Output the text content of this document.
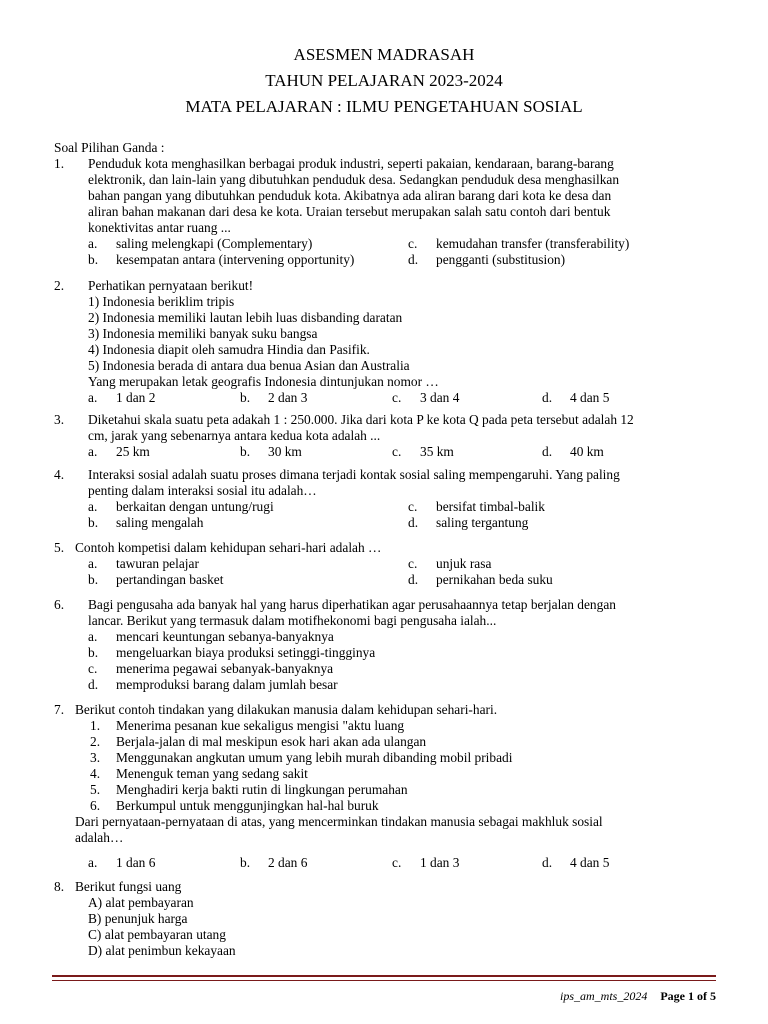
ASESMEN MADRASAH
TAHUN PELAJARAN 2023-2024
MATA PELAJARAN : ILMU PENGETAHUAN SOSIAL
Soal Pilihan Ganda :
1. Penduduk kota menghasilkan berbagai produk industri, seperti pakaian, kendaraan, barang-barang
elektronik, dan lain-lain yang dibutuhkan penduduk desa. Sedangkan penduduk desa menghasilkan
bahan pangan yang dibutuhkan penduduk kota. Akibatnya ada aliran barang dari kota ke desa dan
aliran bahan makanan dari desa ke kota. Uraian tersebut merupakan salah satu contoh dari bentuk
konektivitas antar ruang ...
a. saling melengkapi (Complementary)	c. kemudahan transfer (transferability)
b. kesempatan antara (intervening opportunity)	d. pengganti (substitusion)
2. Perhatikan pernyataan berikut!
1) Indonesia beriklim tripis
2) Indonesia memiliki lautan lebih luas disbanding daratan
3) Indonesia memiliki banyak suku bangsa
4) Indonesia diapit oleh samudra Hindia dan Pasifik.
5) Indonesia berada di antara dua benua Asian dan Australia
Yang merupakan letak geografis Indonesia dintunjukan nomor …
a. 1 dan 2	b. 2 dan 3	c. 3 dan 4	d. 4 dan 5
3. Diketahui skala suatu peta adakah 1 : 250.000. Jika dari kota P ke kota Q pada peta tersebut adalah 12
cm, jarak yang sebenarnya antara kedua kota adalah ...
a. 25 km	b. 30 km	c. 35 km	d. 40 km
4. Interaksi sosial adalah suatu proses dimana terjadi kontak sosial saling mempengaruhi. Yang paling
penting dalam interaksi sosial itu adalah…
a. berkaitan dengan untung/rugi	c. bersifat timbal-balik
b. saling mengalah	d. saling tergantung
5. Contoh kompetisi dalam kehidupan sehari-hari adalah …
a. tawuran pelajar	c. unjuk rasa
b. pertandingan basket	d. pernikahan beda suku
6. Bagi pengusaha ada banyak hal yang harus diperhatikan agar perusahaannya tetap berjalan dengan
lancar. Berikut yang termasuk dalam motifhekonomi bagi pengusaha ialah...
a. mencari keuntungan sebanya-banyaknya
b. mengeluarkan biaya produksi setinggi-tingginya
c. menerima pegawai sebanyak-banyaknya
d. memproduksi barang dalam jumlah besar
7. Berikut contoh tindakan yang dilakukan manusia dalam kehidupan sehari-hari.
1. Menerima pesanan kue sekaligus mengisi "aktu luang
2. Berjala-jalan di mal meskipun esok hari akan ada ulangan
3. Menggunakan angkutan umum yang lebih murah dibanding mobil pribadi
4. Menenguk teman yang sedang sakit
5. Menghadiri kerja bakti rutin di lingkungan perumahan
6. Berkumpul untuk menggunjingkan hal-hal buruk
Dari pernyataan-pernyataan di atas, yang mencerminkan tindakan manusia sebagai makhluk sosial
adalah…
a. 1 dan 6	b. 2 dan 6	c. 1 dan 3	d. 4 dan 5
8. Berikut fungsi uang
A) alat pembayaran
B) penunjuk harga
C) alat pembayaran utang
D) alat penimbun kekayaan
ips_am_mts_2024 Page 1 of 5
